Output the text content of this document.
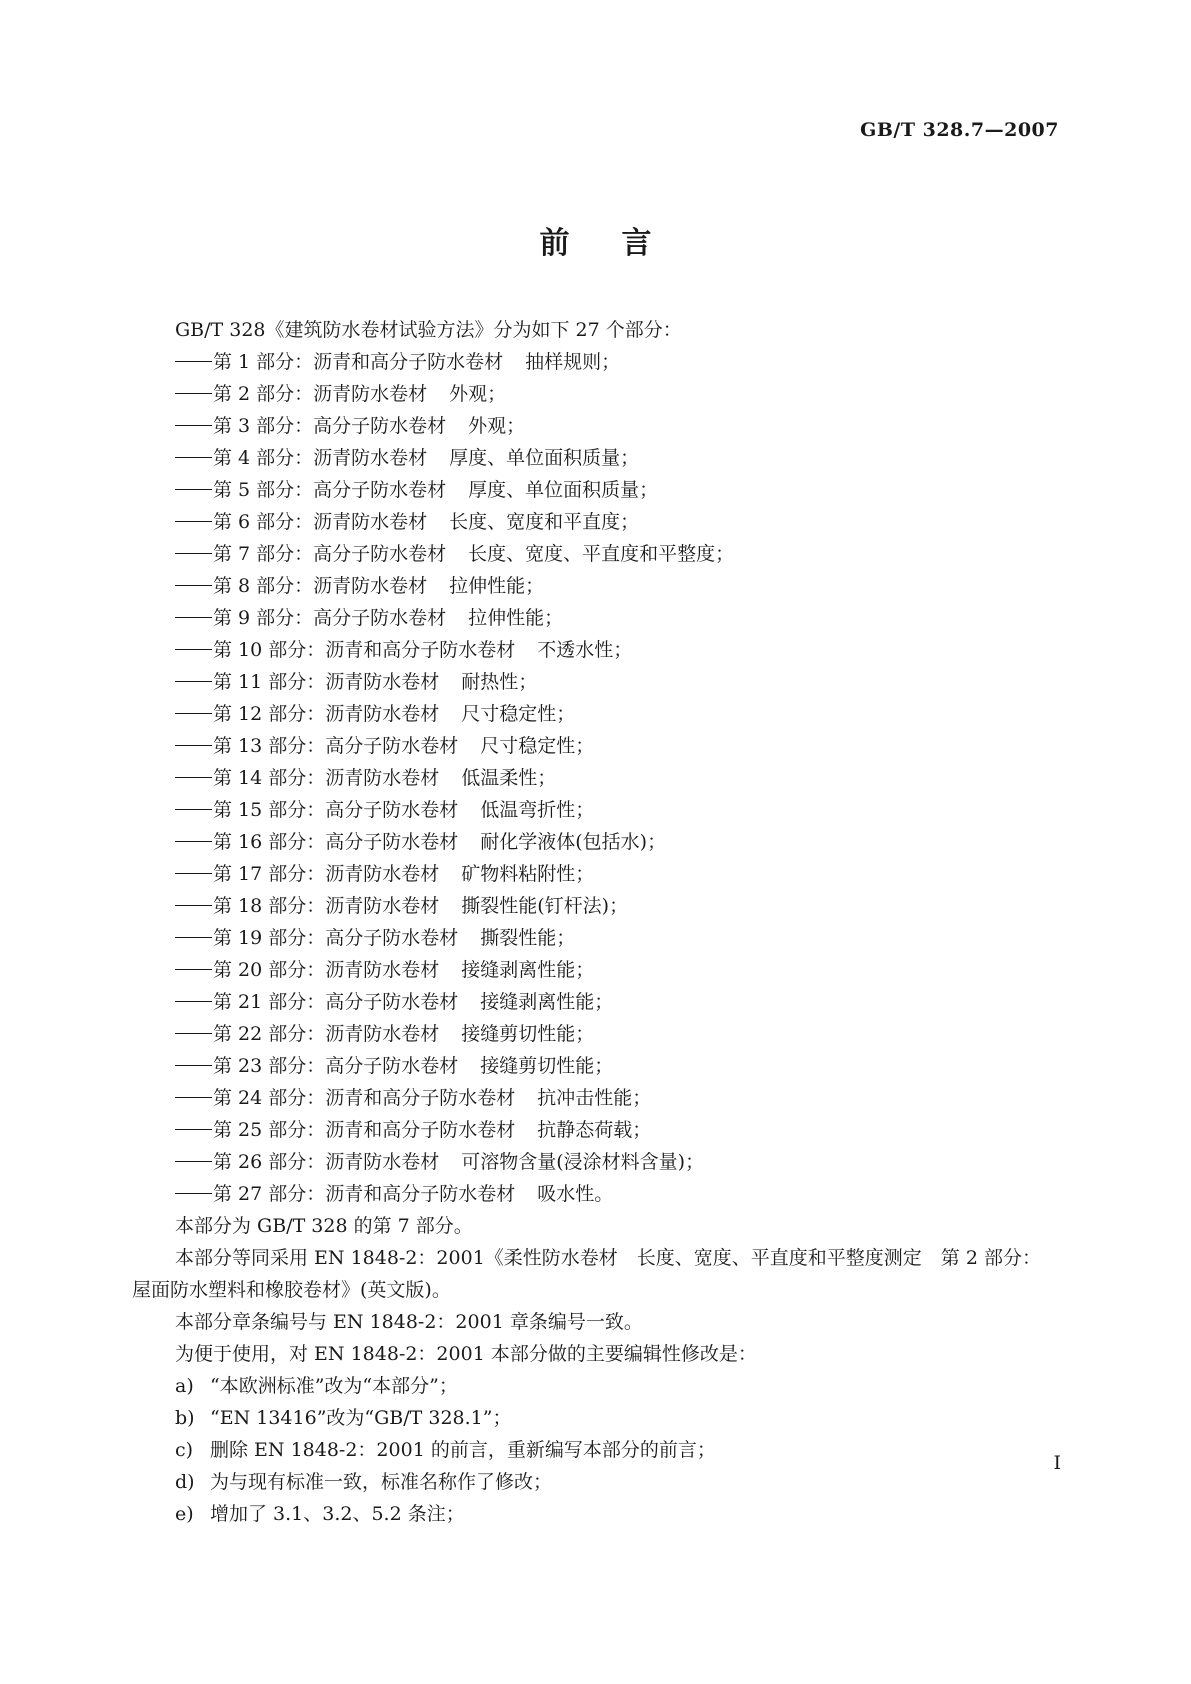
GB/T 328.7—2007
前 言
GB/T 328《建筑防水卷材试验方法》分为如下 27 个部分：
第 1 部分：沥青和高分子防水卷材 抽样规则；
第 2 部分：沥青防水卷材 外观；
第 3 部分：高分子防水卷材 外观；
第 4 部分：沥青防水卷材 厚度、单位面积质量；
第 5 部分：高分子防水卷材 厚度、单位面积质量；
第 6 部分：沥青防水卷材 长度、宽度和平直度；
第 7 部分：高分子防水卷材 长度、宽度、平直度和平整度；
第 8 部分：沥青防水卷材 拉伸性能；
第 9 部分：高分子防水卷材 拉伸性能；
第 10 部分：沥青和高分子防水卷材 不透水性；
第 11 部分：沥青防水卷材 耐热性；
第 12 部分：沥青防水卷材 尺寸稳定性；
第 13 部分：高分子防水卷材 尺寸稳定性；
第 14 部分：沥青防水卷材 低温柔性；
第 15 部分：高分子防水卷材 低温弯折性；
第 16 部分：高分子防水卷材 耐化学液体(包括水)；
第 17 部分：沥青防水卷材 矿物料粘附性；
第 18 部分：沥青防水卷材 撕裂性能(钉杆法)；
第 19 部分：高分子防水卷材 撕裂性能；
第 20 部分：沥青防水卷材 接缝剥离性能；
第 21 部分：高分子防水卷材 接缝剥离性能；
第 22 部分：沥青防水卷材 接缝剪切性能；
第 23 部分：高分子防水卷材 接缝剪切性能；
第 24 部分：沥青和高分子防水卷材 抗冲击性能；
第 25 部分：沥青和高分子防水卷材 抗静态荷载；
第 26 部分：沥青防水卷材 可溶物含量(浸涂材料含量)；
第 27 部分：沥青和高分子防水卷材 吸水性。
本部分为 GB/T 328 的第 7 部分。
本部分等同采用 EN 1848-2：2001《柔性防水卷材　长度、宽度、平直度和平整度测定　第 2 部分：
屋面防水塑料和橡胶卷材》(英文版)。
本部分章条编号与 EN 1848-2：2001 章条编号一致。
为便于使用，对 EN 1848-2：2001 本部分做的主要编辑性修改是：
a) “本欧洲标准”改为“本部分”；
b) “EN 13416”改为“GB/T 328.1”；
c) 删除 EN 1848-2：2001 的前言，重新编写本部分的前言；
d) 为与现有标准一致，标准名称作了修改；
e) 增加了 3.1、3.2、5.2 条注；
I
